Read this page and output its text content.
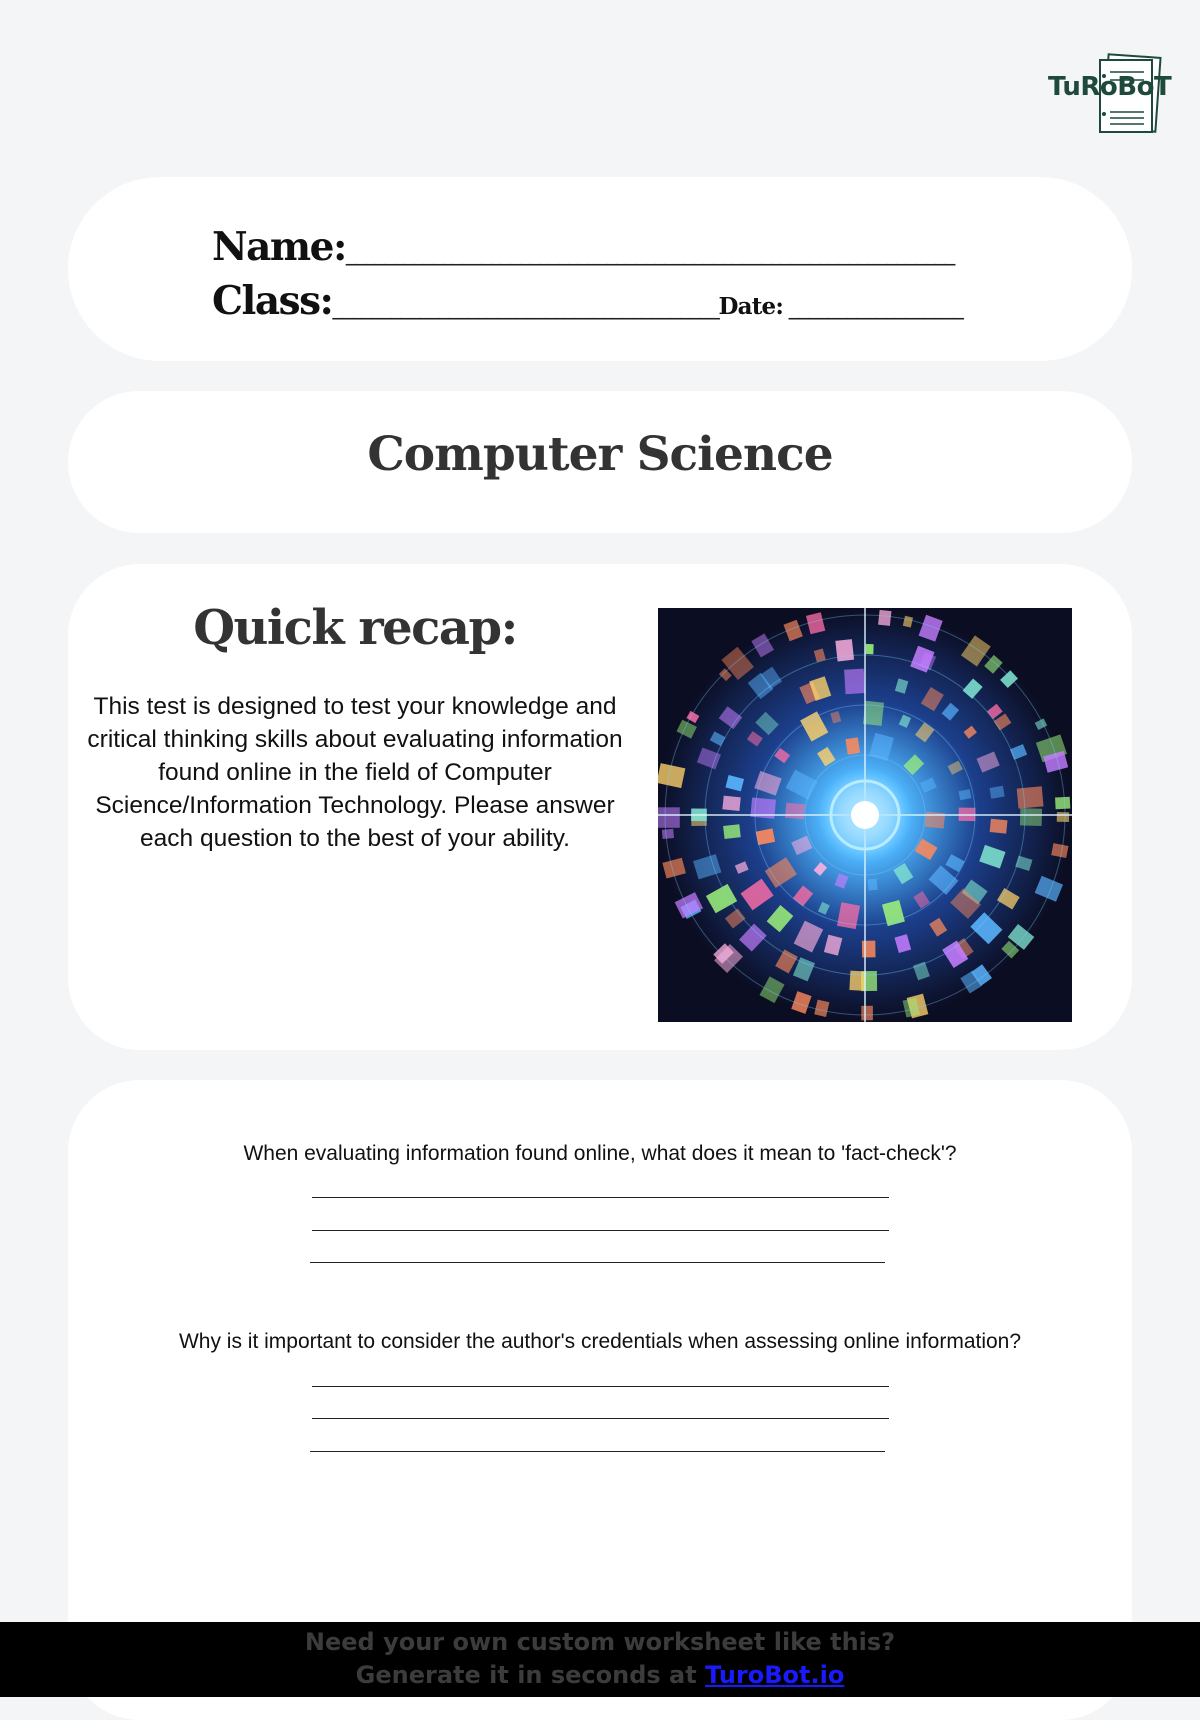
TuRoBoT
Name:_______________________________________________________________
Class:________________________________________Date: __________________
Computer Science
Quick recap:
This test is designed to test your knowledge and critical thinking skills about evaluating information found online in the field of Computer Science/Information Technology. Please answer each question to the best of your ability.
When evaluating information found online, what does it mean to 'fact-check'?
Why is it important to consider the author's credentials when assessing online information?
Need your own custom worksheet like this?
Generate it in seconds at TuroBot.io
